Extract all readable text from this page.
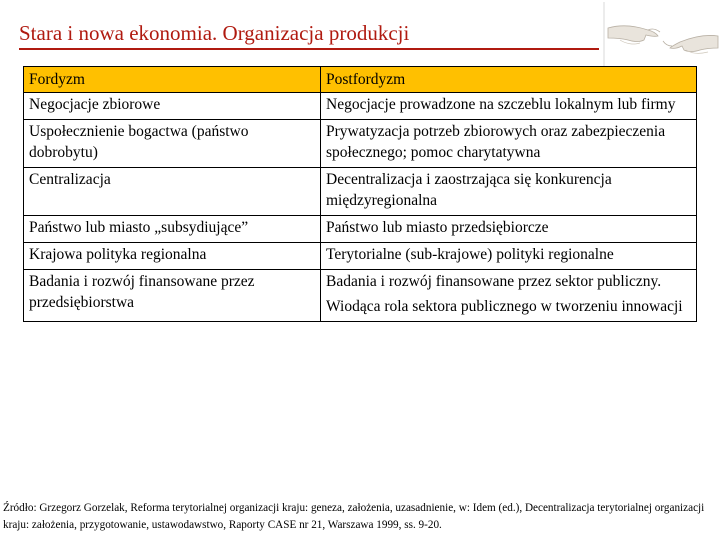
Stara i nowa ekonomia. Organizacja produkcji
Fordyzm	Postfordyzm
Negocjacje zbiorowe	Negocjacje prowadzone na szczeblu lokalnym lub firmy
Uspołecznienie bogactwa (państwo dobrobytu)	Prywatyzacja potrzeb zbiorowych oraz zabezpieczenia społecznego; pomoc charytatywna
Centralizacja	Decentralizacja i zaostrzająca się konkurencja międzyregionalna
Państwo lub miasto „subsydiujące”	Państwo lub miasto przedsiębiorcze
Krajowa polityka regionalna	Terytorialne (sub-krajowe) polityki regionalne
Badania i rozwój finansowane przez przedsiębiorstwa	Badania i rozwój finansowane przez sektor publiczny.
Wiodąca rola sektora publicznego w tworzeniu innowacji
Źródło: Grzegorz Gorzelak, Reforma terytorialnej organizacji kraju: geneza, założenia, uzasadnienie, w: Idem (ed.), Decentralizacja terytorialnej organizacji kraju: założenia, przygotowanie, ustawodawstwo, Raporty CASE nr 21, Warszawa 1999, ss. 9-20.
